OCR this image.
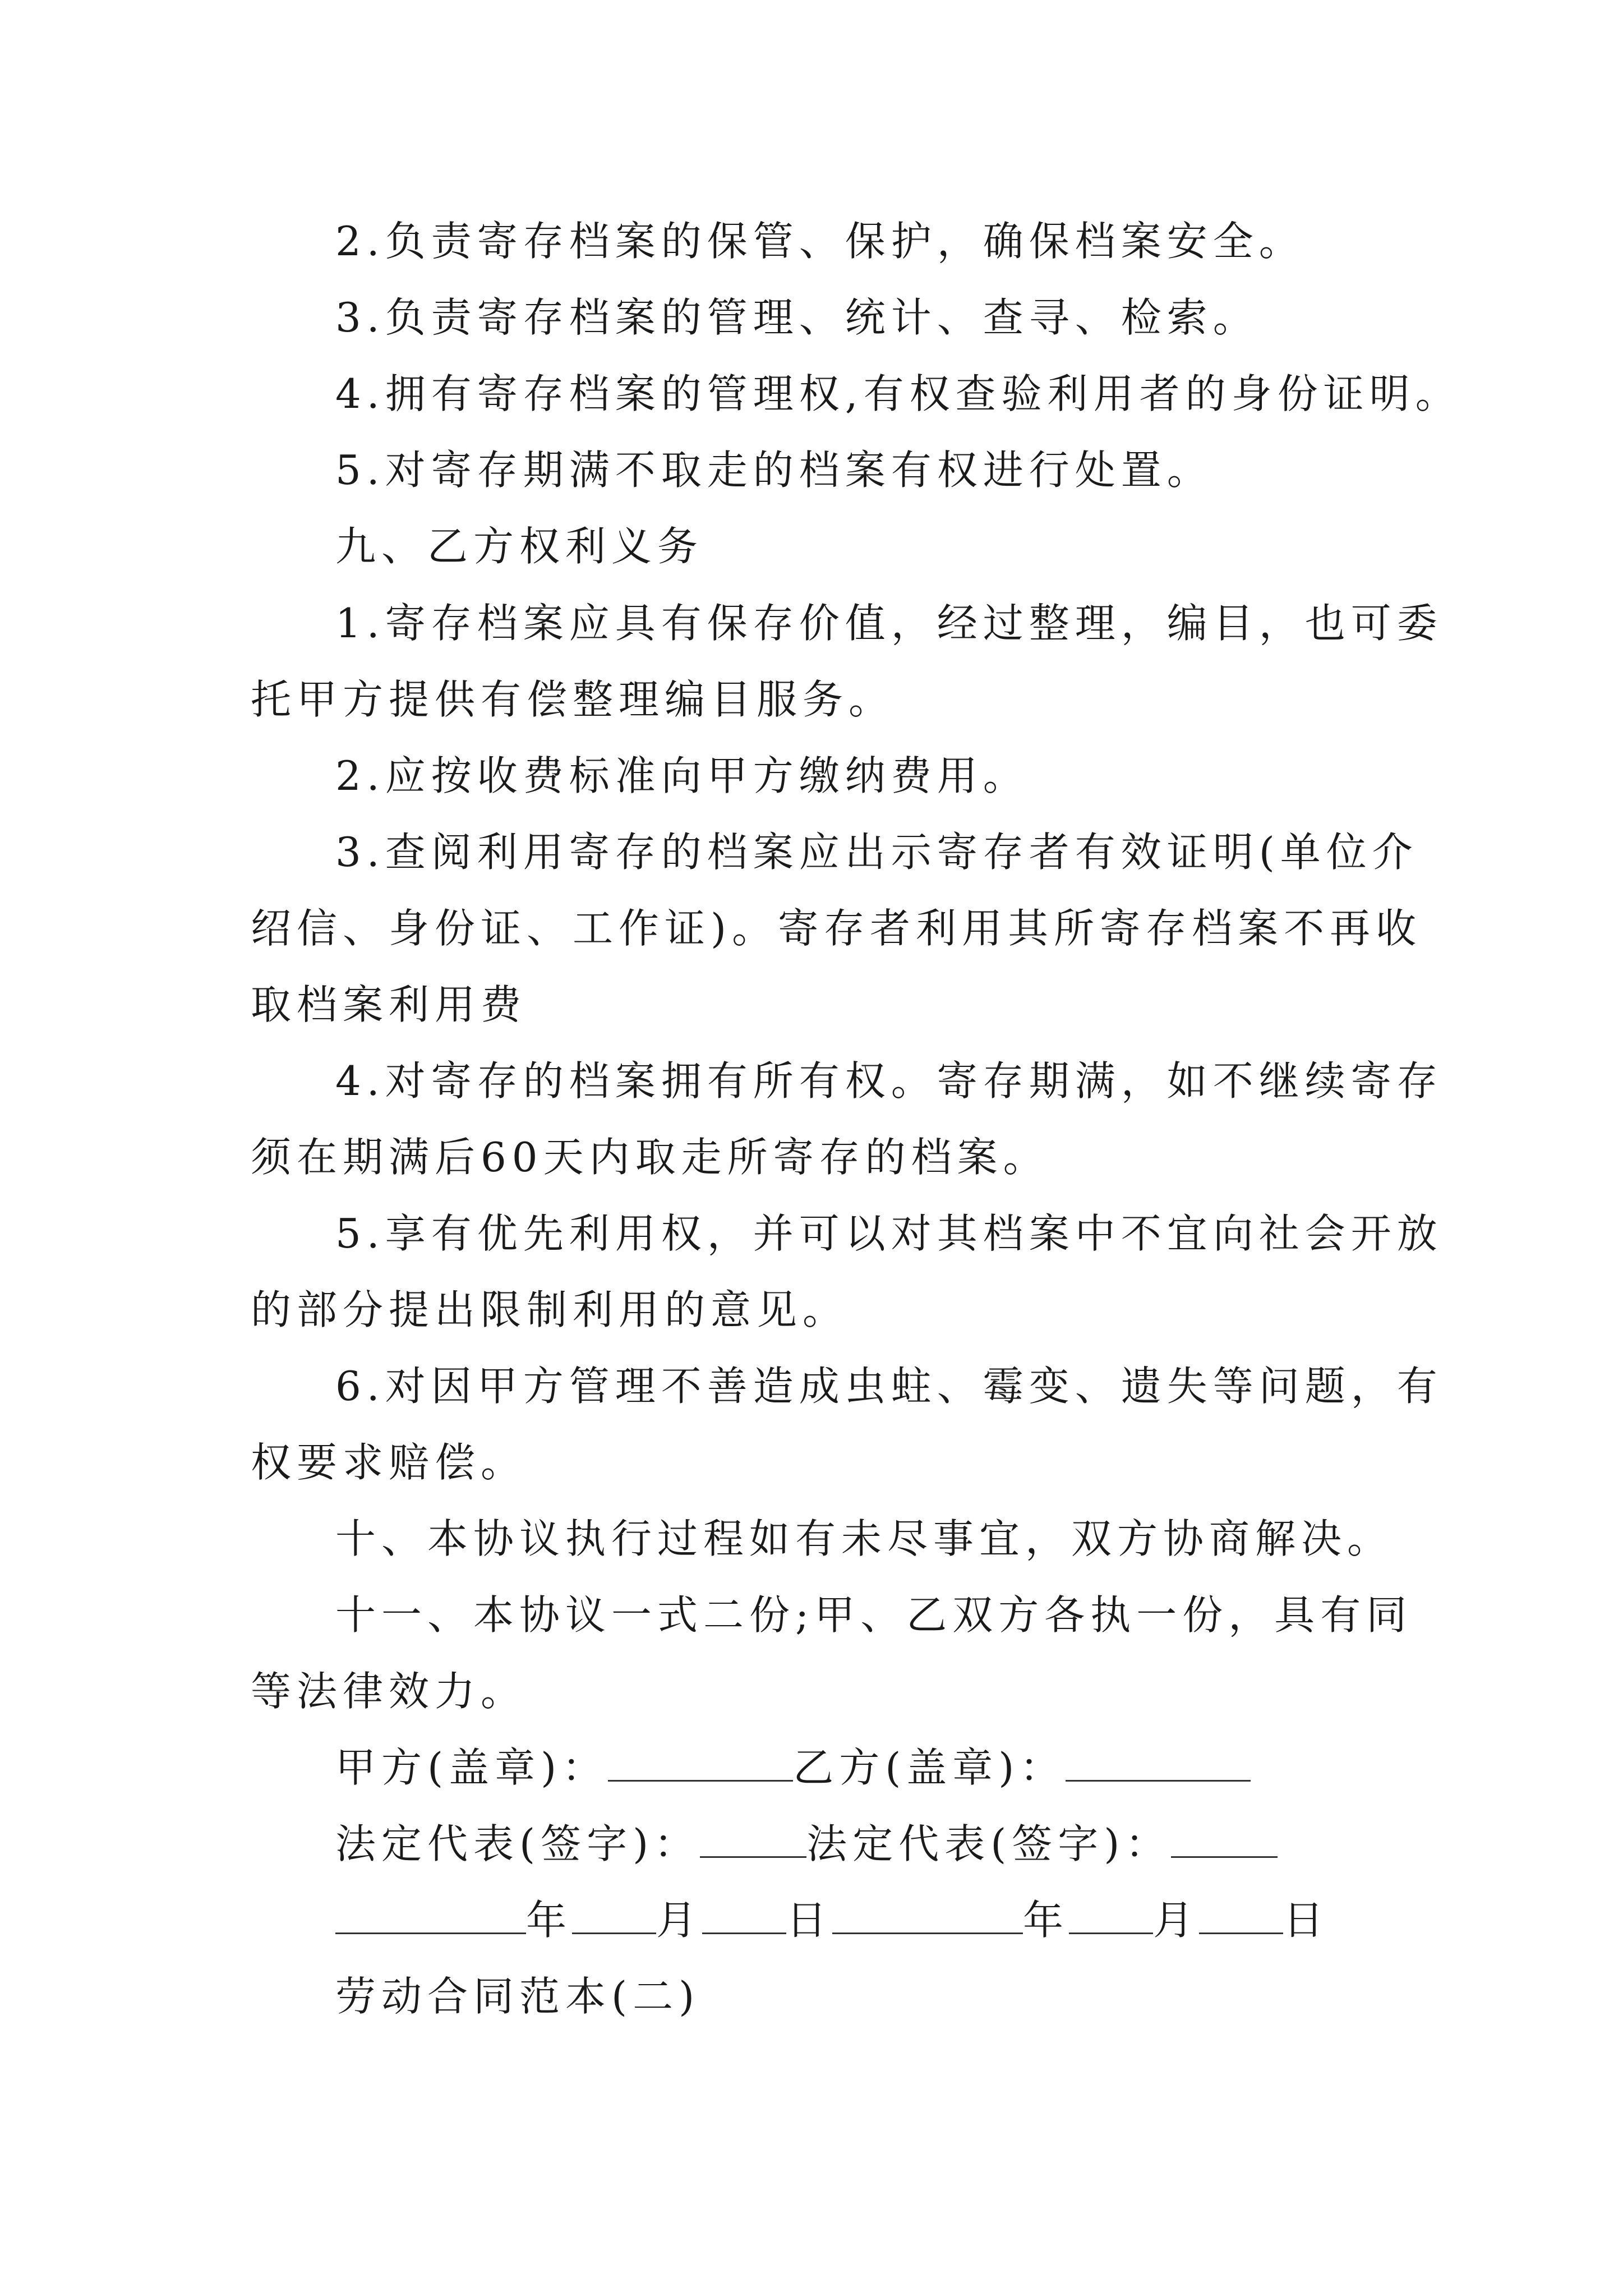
2.负责寄存档案的保管、保护，确保档案安全。
3.负责寄存档案的管理、统计、查寻、检索。
4.拥有寄存档案的管理权,有权查验利用者的身份证明。
5.对寄存期满不取走的档案有权进行处置。
九、乙方权利义务
1.寄存档案应具有保存价值，经过整理，编目，也可委
托甲方提供有偿整理编目服务。
2.应按收费标准向甲方缴纳费用。
3.查阅利用寄存的档案应出示寄存者有效证明(单位介
绍信、身份证、工作证)。寄存者利用其所寄存档案不再收
取档案利用费
4.对寄存的档案拥有所有权。寄存期满，如不继续寄存
须在期满后60天内取走所寄存的档案。
5.享有优先利用权，并可以对其档案中不宜向社会开放
的部分提出限制利用的意见。
6.对因甲方管理不善造成虫蛀、霉变、遗失等问题，有
权要求赔偿。
十、本协议执行过程如有未尽事宜，双方协商解决。
十一、本协议一式二份;甲、乙双方各执一份，具有同
等法律效力。
甲方(盖章)：	乙方(盖章)：
法定代表(签字)：	法定代表(签字)：
年 月 日	年 月 日
劳动合同范本(二)
